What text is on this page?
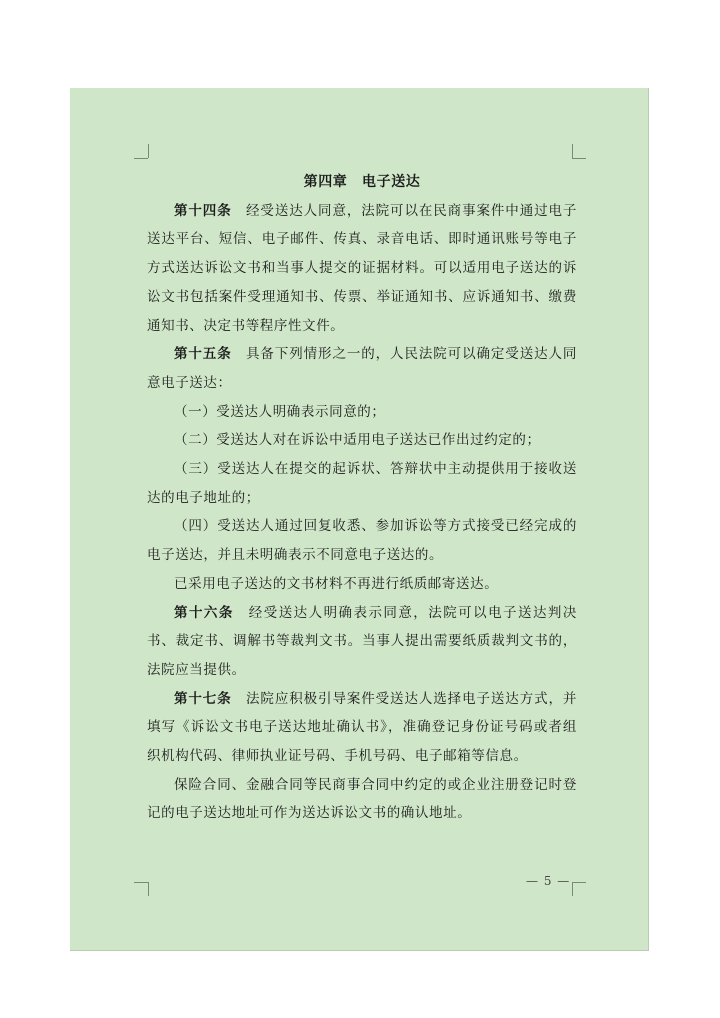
第四章　电子送达

第十四条　经受送达人同意，法院可以在民商事案件中通过电子送达平台、短信、电子邮件、传真、录音电话、即时通讯账号等电子方式送达诉讼文书和当事人提交的证据材料。可以适用电子送达的诉讼文书包括案件受理通知书、传票、举证通知书、应诉通知书、缴费通知书、决定书等程序性文件。

第十五条　具备下列情形之一的，人民法院可以确定受送达人同意电子送达：

（一）受送达人明确表示同意的；

（二）受送达人对在诉讼中适用电子送达已作出过约定的；

（三）受送达人在提交的起诉状、答辩状中主动提供用于接收送达的电子地址的；

（四）受送达人通过回复收悉、参加诉讼等方式接受已经完成的电子送达，并且未明确表示不同意电子送达的。

已采用电子送达的文书材料不再进行纸质邮寄送达。

第十六条　经受送达人明确表示同意，法院可以电子送达判决书、裁定书、调解书等裁判文书。当事人提出需要纸质裁判文书的，法院应当提供。

第十七条　法院应积极引导案件受送达人选择电子送达方式，并填写《诉讼文书电子送达地址确认书》，准确登记身份证号码或者组织机构代码、律师执业证号码、手机号码、电子邮箱等信息。

保险合同、金融合同等民商事合同中约定的或企业注册登记时登记的电子送达地址可作为送达诉讼文书的确认地址。

— 5 —
